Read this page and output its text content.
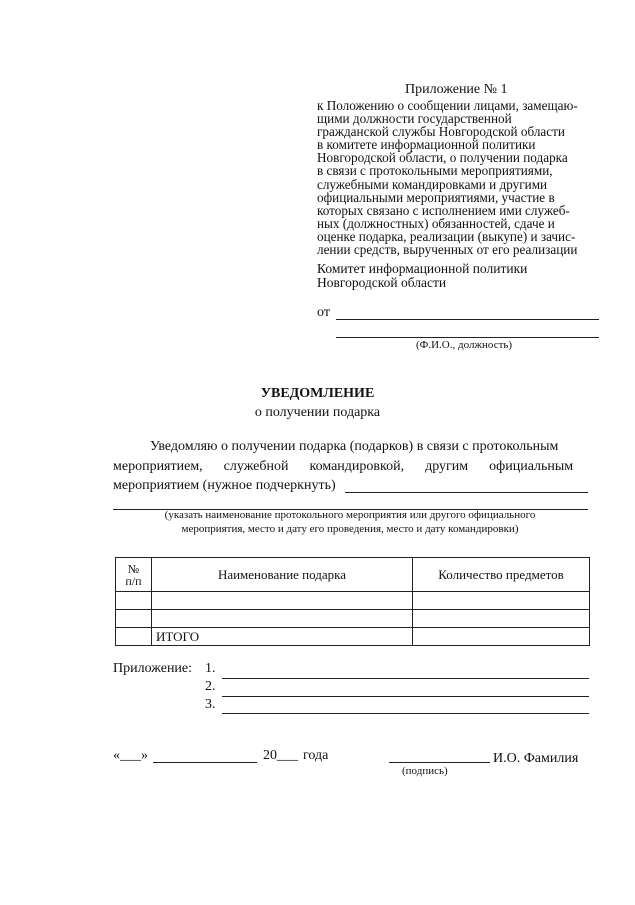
Приложение № 1
к Положению о сообщении лицами, замещаю-
щими должности государственной
гражданской службы Новгородской области
в комитете информационной политики
Новгородской области, о получении подарка
в связи с протокольными мероприятиями,
служебными командировками и другими
официальными мероприятиями, участие в
которых связано с исполнением ими служеб-
ных (должностных) обязанностей, сдаче и
оценке подарка, реализации (выкупе) и зачис-
лении средств, вырученных от его реализации
Комитет информационной политики
Новгородской области
от
(Ф.И.О., должность)
УВЕДОМЛЕНИЕ
о получении подарка
Уведомляю о получении подарка (подарков) в связи с протокольным
мероприятием,      служебной      командировкой,      другим      официальным
мероприятием (нужное подчеркнуть)
(указать наименование протокольного мероприятия или другого официального
мероприятия, место и дату его проведения, место и дату командировки)
№
п/п	Наименование подарка	Количество предметов

	ИТОГО	
Приложение: 1.
2.
3.
«___»	20___ года	И.О. Фамилия
(подпись)
